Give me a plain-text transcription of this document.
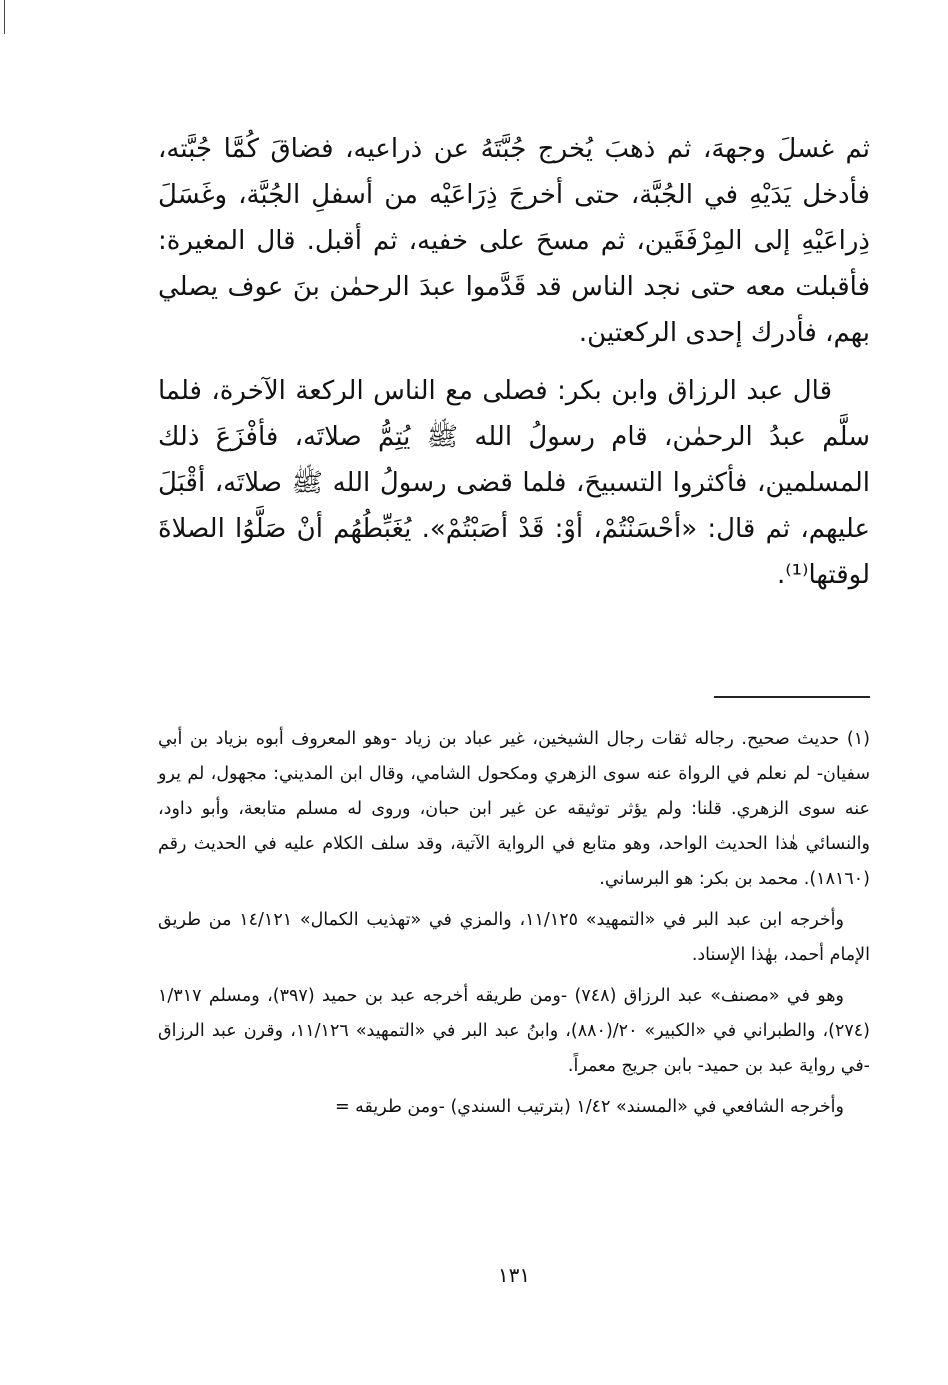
ثم غسلَ وجههَ، ثم ذهبَ يُخرج جُبَّتَهُ عن ذراعيه، فضاقَ كُمَّا جُبَّته، فأدخل يَدَيْهِ في الجُبَّة، حتى أخرجَ ذِرَاعَيْه من أسفلِ الجُبَّة، وغَسَلَ ذِراعَيْهِ إلى المِرْفَقَين، ثم مسحَ على خفيه، ثم أقبل. قال المغيرة: فأقبلت معه حتى نجد الناس قد قَدَّموا عبدَ الرحمٰن بنَ عوف يصلي بهم، فأدرك إحدى الركعتين.

قال عبد الرزاق وابن بكر: فصلى مع الناس الركعة الآخرة، فلما سلَّم عبدُ الرحمٰن، قام رسولُ الله ﷺ يُتِمُّ صلاتَه، فأفْزَعَ ذلك المسلمين، فأكثروا التسبيحَ، فلما قضى رسولُ الله ﷺ صلاتَه، أقْبَلَ عليهم، ثم قال: «أحْسَنْتُمْ، أوْ: قَدْ أصَبْتُمْ». يُغَبِّطُهُم أنْ صَلَّوُا الصلاةَ لوقتها⁽¹⁾.

(١) حديث صحيح. رجاله ثقات رجال الشيخين، غير عباد بن زياد -وهو المعروف أبوه بزياد بن أبي سفيان- لم نعلم في الرواة عنه سوى الزهري ومكحول الشامي، وقال ابن المديني: مجهول، لم يرو عنه سوى الزهري. قلنا: ولم يؤثر توثيقه عن غير ابن حبان، وروى له مسلم متابعة، وأبو داود، والنسائي هٰذا الحديث الواحد، وهو متابع في الرواية الآتية، وقد سلف الكلام عليه في الحديث رقم (١٨١٦٠). محمد بن بكر: هو البرساني.

وأخرجه ابن عبد البر في «التمهيد» ١١/١٢٥، والمزي في «تهذيب الكمال» ١٤/١٢١ من طريق الإمام أحمد، بهٰذا الإسناد.

وهو في «مصنف» عبد الرزاق (٧٤٨) -ومن طريقه أخرجه عبد بن حميد (٣٩٧)، ومسلم ١/٣١٧ (٢٧٤)، والطبراني في «الكبير» ٢٠/(٨٨٠)، وابنُ عبد البر في «التمهيد» ١١/١٢٦، وقرن عبد الرزاق -في رواية عبد بن حميد- بابن جريج معمراً.

وأخرجه الشافعي في «المسند» ١/٤٢ (بترتيب السندي) -ومن طريقه =

١٣١
